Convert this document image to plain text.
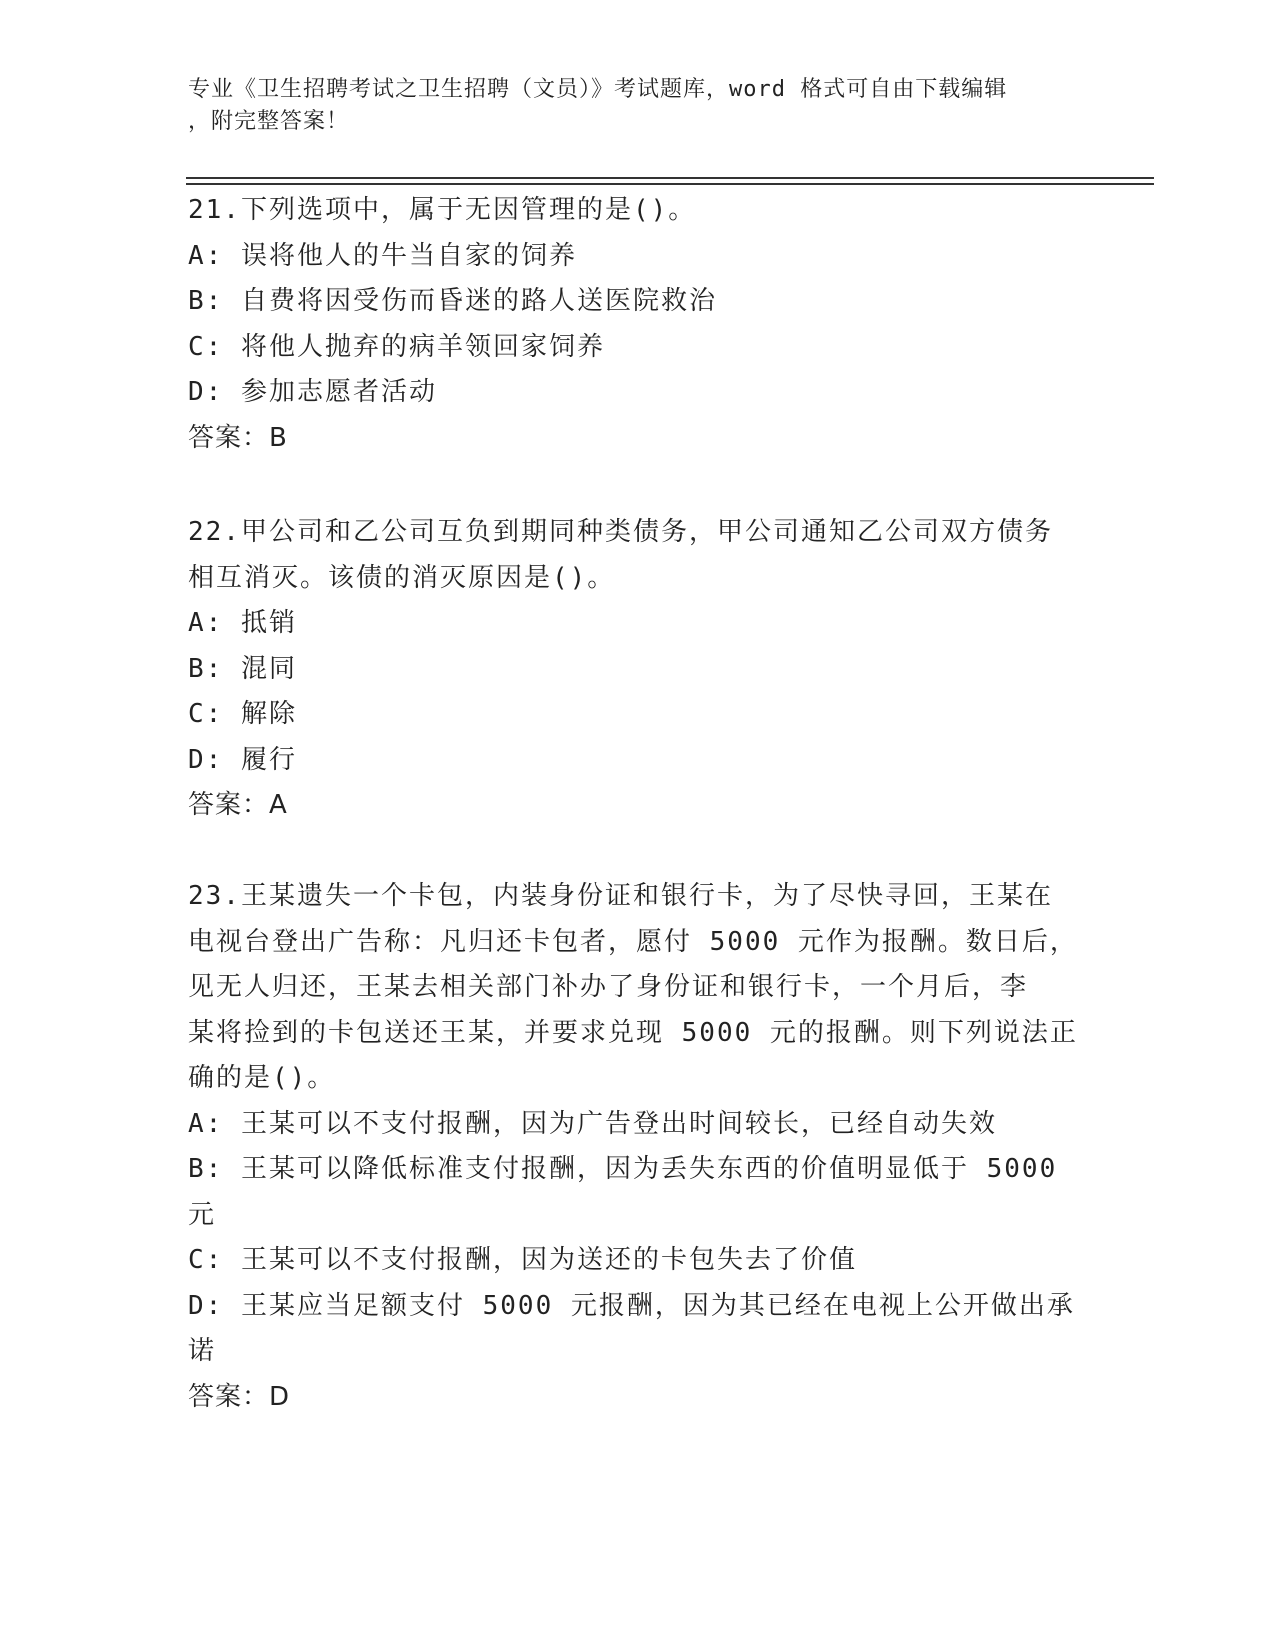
专业《卫生招聘考试之卫生招聘（文员）》考试题库，word 格式可自由下载编辑
，附完整答案！
21.下列选项中，属于无因管理的是()。
A: 误将他人的牛当自家的饲养
B: 自费将因受伤而昏迷的路人送医院救治
C: 将他人抛弃的病羊领回家饲养
D: 参加志愿者活动
答案：B
22.甲公司和乙公司互负到期同种类债务，甲公司通知乙公司双方债务
相互消灭。该债的消灭原因是()。
A: 抵销
B: 混同
C: 解除
D: 履行
答案：A
23.王某遗失一个卡包，内装身份证和银行卡，为了尽快寻回，王某在
电视台登出广告称：凡归还卡包者，愿付 5000 元作为报酬。数日后，
见无人归还，王某去相关部门补办了身份证和银行卡，一个月后，李
某将捡到的卡包送还王某，并要求兑现 5000 元的报酬。则下列说法正
确的是()。
A: 王某可以不支付报酬，因为广告登出时间较长，已经自动失效
B: 王某可以降低标准支付报酬，因为丢失东西的价值明显低于 5000
元
C: 王某可以不支付报酬，因为送还的卡包失去了价值
D: 王某应当足额支付 5000 元报酬，因为其已经在电视上公开做出承
诺
答案：D
